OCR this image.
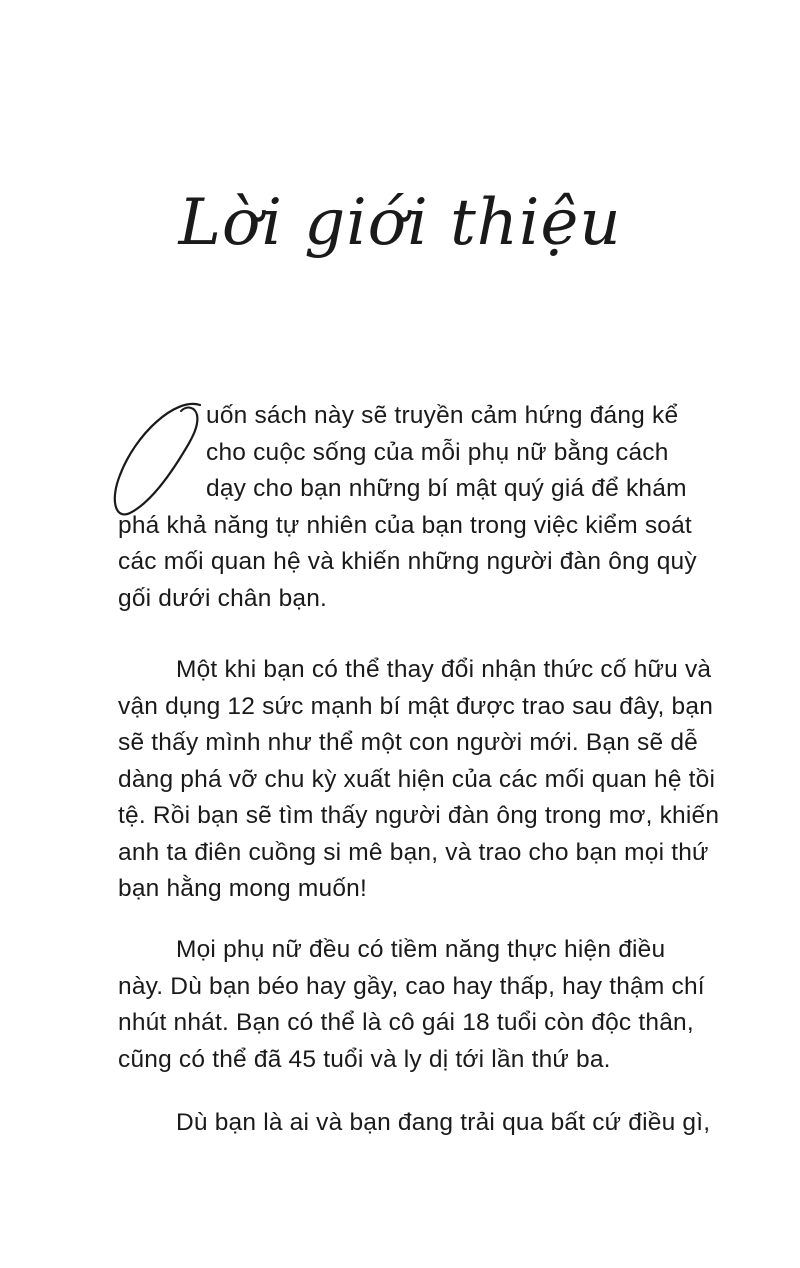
Lời giới thiệu
uốn sách này sẽ truyền cảm hứng đáng kể
cho cuộc sống của mỗi phụ nữ bằng cách
dạy cho bạn những bí mật quý giá để khám
phá khả năng tự nhiên của bạn trong việc kiểm soát
các mối quan hệ và khiến những người đàn ông quỳ
gối dưới chân bạn.
Một khi bạn có thể thay đổi nhận thức cố hữu và
vận dụng 12 sức mạnh bí mật được trao sau đây, bạn
sẽ thấy mình như thể một con người mới. Bạn sẽ dễ
dàng phá vỡ chu kỳ xuất hiện của các mối quan hệ tồi
tệ. Rồi bạn sẽ tìm thấy người đàn ông trong mơ, khiến
anh ta điên cuồng si mê bạn, và trao cho bạn mọi thứ
bạn hằng mong muốn!
Mọi phụ nữ đều có tiềm năng thực hiện điều
này. Dù bạn béo hay gầy, cao hay thấp, hay thậm chí
nhút nhát. Bạn có thể là cô gái 18 tuổi còn độc thân,
cũng có thể đã 45 tuổi và ly dị tới lần thứ ba.
Dù bạn là ai và bạn đang trải qua bất cứ điều gì,
